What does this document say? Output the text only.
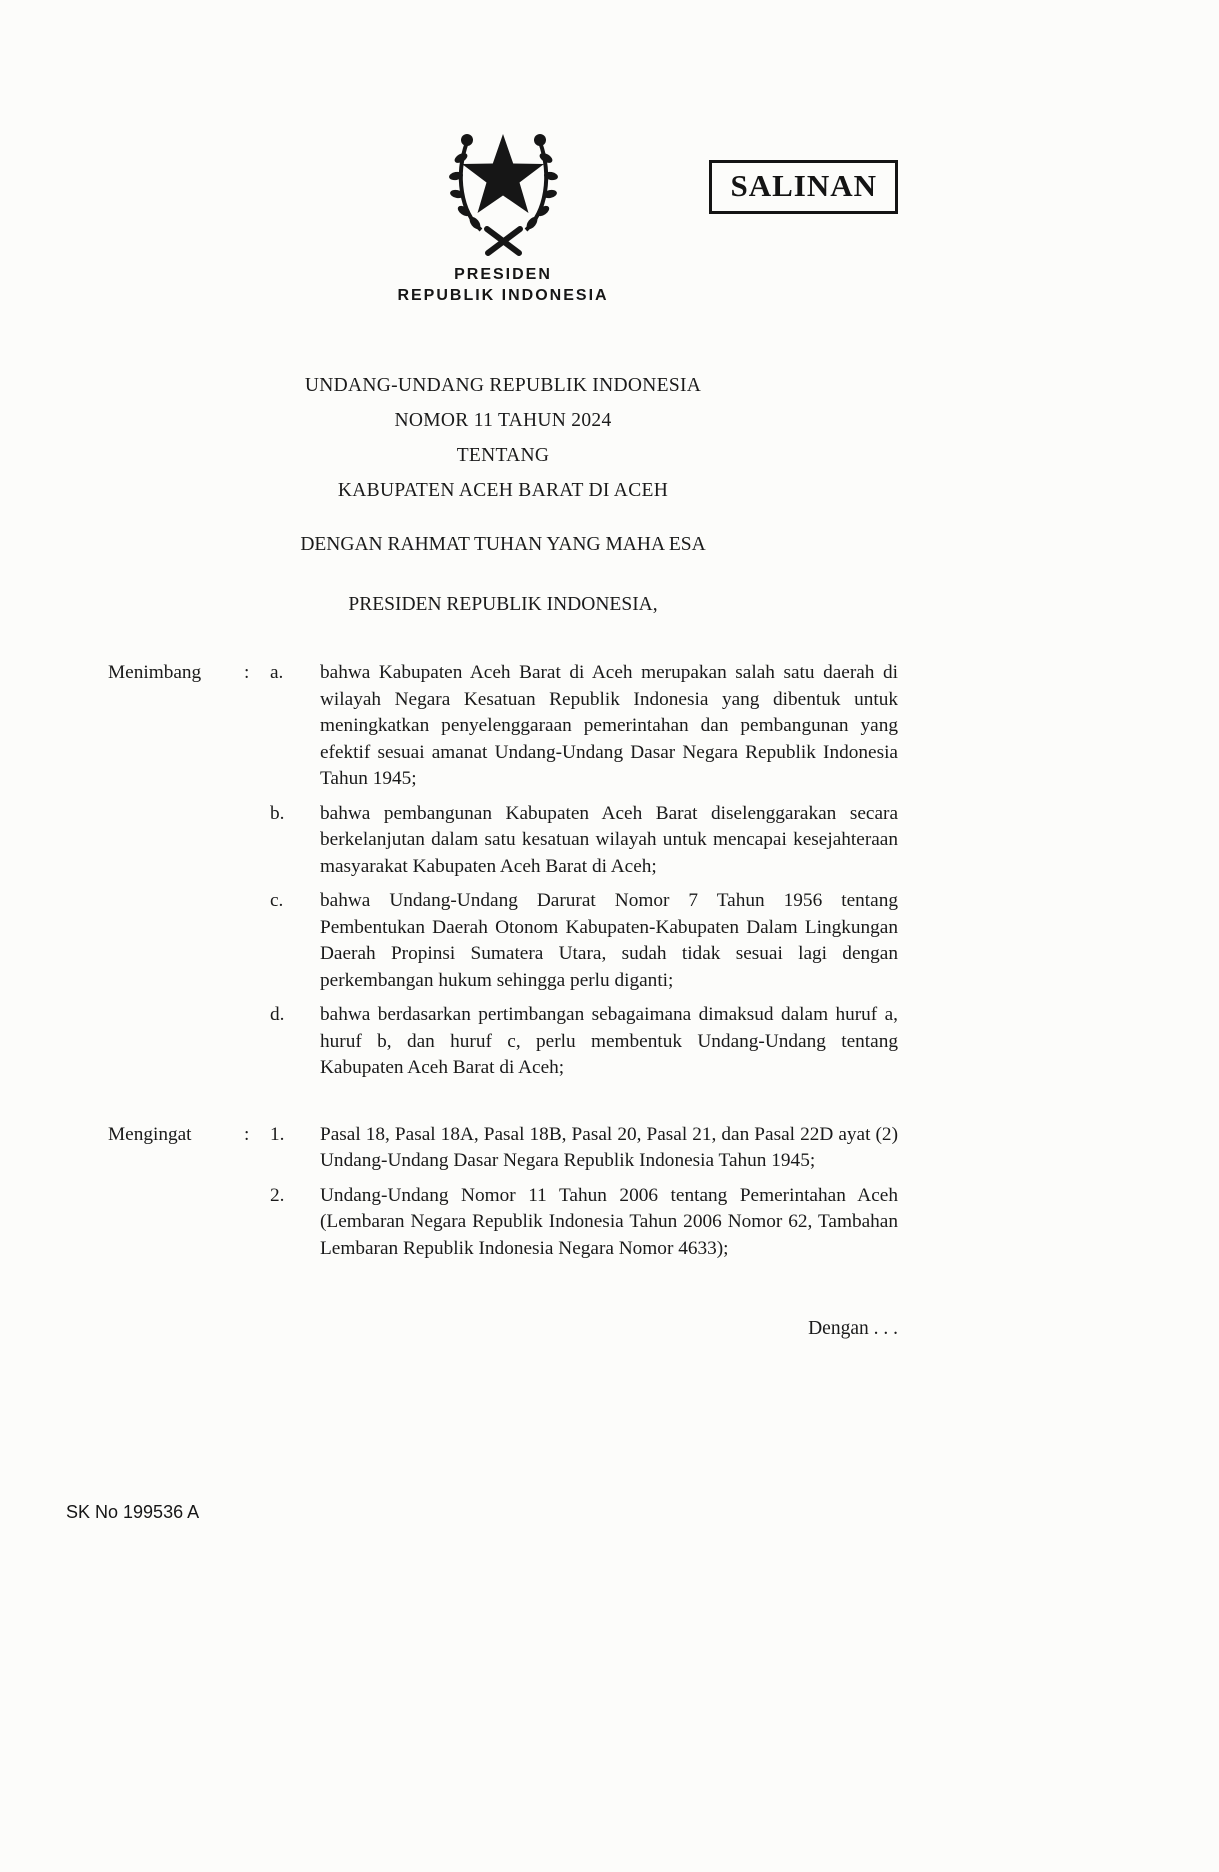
SALINAN
PRESIDEN
REPUBLIK INDONESIA
UNDANG-UNDANG REPUBLIK INDONESIA
NOMOR 11 TAHUN 2024
TENTANG
KABUPATEN ACEH BARAT DI ACEH
DENGAN RAHMAT TUHAN YANG MAHA ESA
PRESIDEN REPUBLIK INDONESIA,
Menimbang	:	a.	bahwa Kabupaten Aceh Barat di Aceh merupakan salah satu daerah di wilayah Negara Kesatuan Republik Indonesia yang dibentuk untuk meningkatkan penyelenggaraan pemerintahan dan pembangunan yang efektif sesuai amanat Undang-Undang Dasar Negara Republik Indonesia Tahun 1945;
b.	bahwa pembangunan Kabupaten Aceh Barat diselenggarakan secara berkelanjutan dalam satu kesatuan wilayah untuk mencapai kesejahteraan masyarakat Kabupaten Aceh Barat di Aceh;
c.	bahwa Undang-Undang Darurat Nomor 7 Tahun 1956 tentang Pembentukan Daerah Otonom Kabupaten-Kabupaten Dalam Lingkungan Daerah Propinsi Sumatera Utara, sudah tidak sesuai lagi dengan perkembangan hukum sehingga perlu diganti;
d.	bahwa berdasarkan pertimbangan sebagaimana dimaksud dalam huruf a, huruf b, dan huruf c, perlu membentuk Undang-Undang tentang Kabupaten Aceh Barat di Aceh;
Mengingat	:	1.	Pasal 18, Pasal 18A, Pasal 18B, Pasal 20, Pasal 21, dan Pasal 22D ayat (2) Undang-Undang Dasar Negara Republik Indonesia Tahun 1945;
2.	Undang-Undang Nomor 11 Tahun 2006 tentang Pemerintahan Aceh (Lembaran Negara Republik Indonesia Tahun 2006 Nomor 62, Tambahan Lembaran Republik Indonesia Negara Nomor 4633);
Dengan . . .
SK No 199536 A
